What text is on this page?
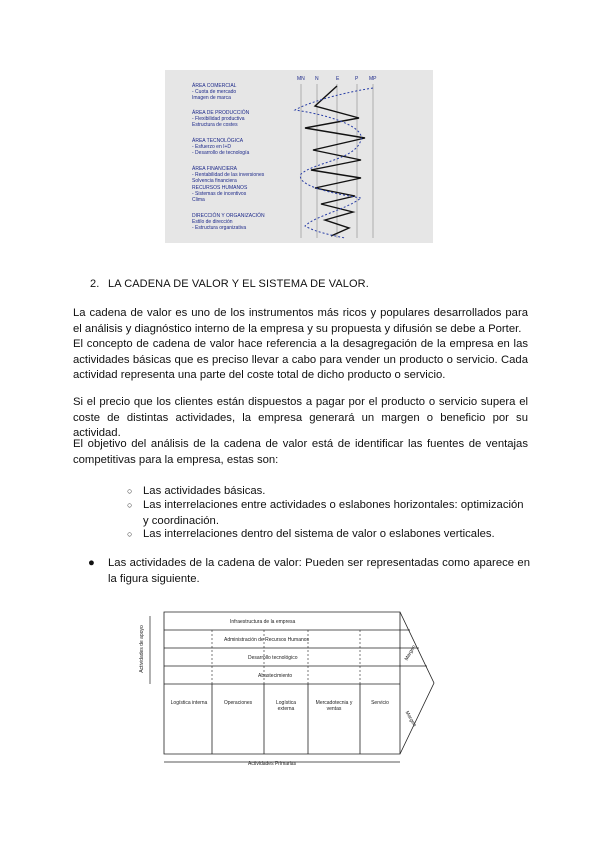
MN N	E	P MP
ÁREA COMERCIAL
- Cuota de mercado
Imagen de marca
ÁREA DE PRODUCCIÓN
- Flexibilidad productiva
Estructura de costes
ÁREA TECNOLÓGICA
- Esfuerzo en I+D
- Desarrollo de tecnología
ÁREA FINANCIERA
- Rentabilidad de las inversiones
Solvencia financiera
RECURSOS HUMANOS
- Sistemas de incentivos
Clima
DIRECCIÓN Y ORGANIZACIÓN
Estilo de dirección
- Estructura organizativa
2. LA CADENA DE VALOR Y EL SISTEMA DE VALOR.
La cadena de valor es uno de los instrumentos más ricos y populares desarrollados para el análisis y diagnóstico interno de la empresa y su propuesta y difusión se debe a Porter.
El concepto de cadena de valor hace referencia a la desagregación de la empresa en las actividades básicas que es preciso llevar a cabo para vender un producto o servicio. Cada actividad representa una parte del coste total de dicho producto o servicio.

Si el precio que los clientes están dispuestos a pagar por el producto o servicio supera el coste de distintas actividades, la empresa generará un margen o beneficio por su actividad.

El objetivo del análisis de la cadena de valor está de identificar las fuentes de ventajas competitivas para la empresa, estas son:

○ Las actividades básicas.
○ Las interrelaciones entre actividades o eslabones horizontales: optimización y coordinación.
○ Las interrelaciones dentro del sistema de valor o eslabones verticales.
● Las actividades de la cadena de valor: Pueden ser representadas como aparece en la figura siguiente.
Infraestructura de la empresa
Administración de Recursos Humanos
Desarrollo tecnológico
Abastecimiento
Logística interna	Operaciones	Logística externa
Mercadotecnia y ventas
Servicio
Margen
Margen
Actividades de apoyo
Actividades Primarias
